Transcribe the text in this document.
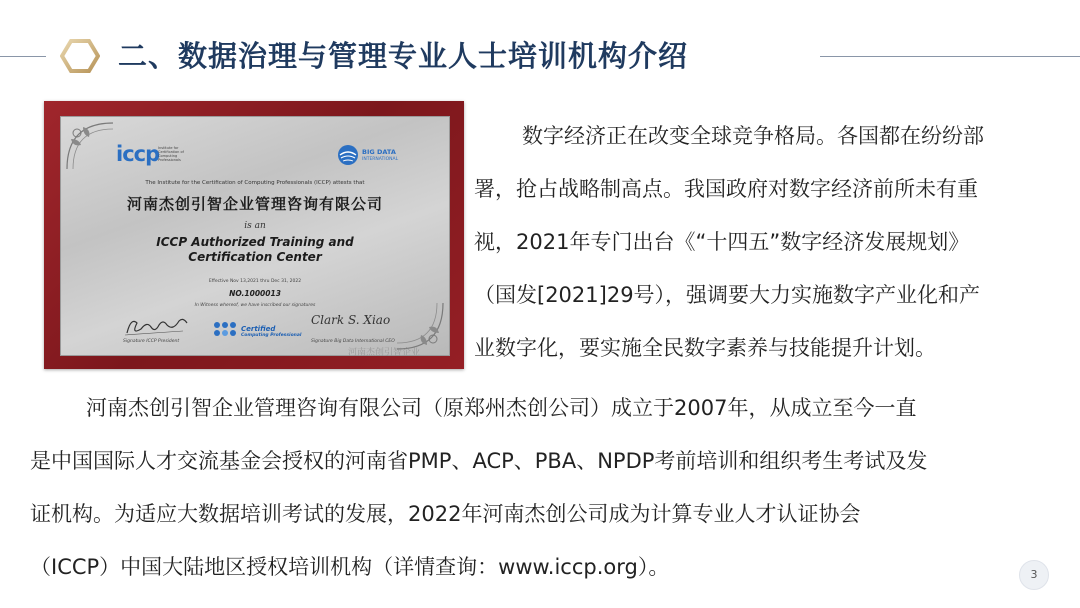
二、数据治理与管理专业人士培训机构介绍
iccp
Institute for Certification of Computing Professionals
BIG DATA
INTERNATIONAL
The Institute for the Certification of Computing Professionals (ICCP) attests that
河南杰创引智企业管理咨询有限公司
is an
ICCP Authorized Training and
Certification Center
Effective Nov 13,2021 thru Dec 31, 2022
NO.1000013
In Witness whereof, we have inscribed our signatures
Signature ICCP President
Certified
Computing Professional
Clark S. Xiao
Signature Big Data International CEO
河南杰创引智企业
数字经济正在改变全球竞争格局。各国都在纷纷部
署，抢占战略制高点。我国政府对数字经济前所未有重
视，2021年专门出台《“十四五”数字经济发展规划》
（国发[2021]29号），强调要大力实施数字产业化和产
业数字化，要实施全民数字素养与技能提升计划。
河南杰创引智企业管理咨询有限公司（原郑州杰创公司）成立于2007年，从成立至今一直
是中国国际人才交流基金会授权的河南省PMP、ACP、PBA、NPDP考前培训和组织考生考试及发
证机构。为适应大数据培训考试的发展，2022年河南杰创公司成为计算专业人才认证协会
（ICCP）中国大陆地区授权培训机构（详情查询：www.iccp.org）。	3
